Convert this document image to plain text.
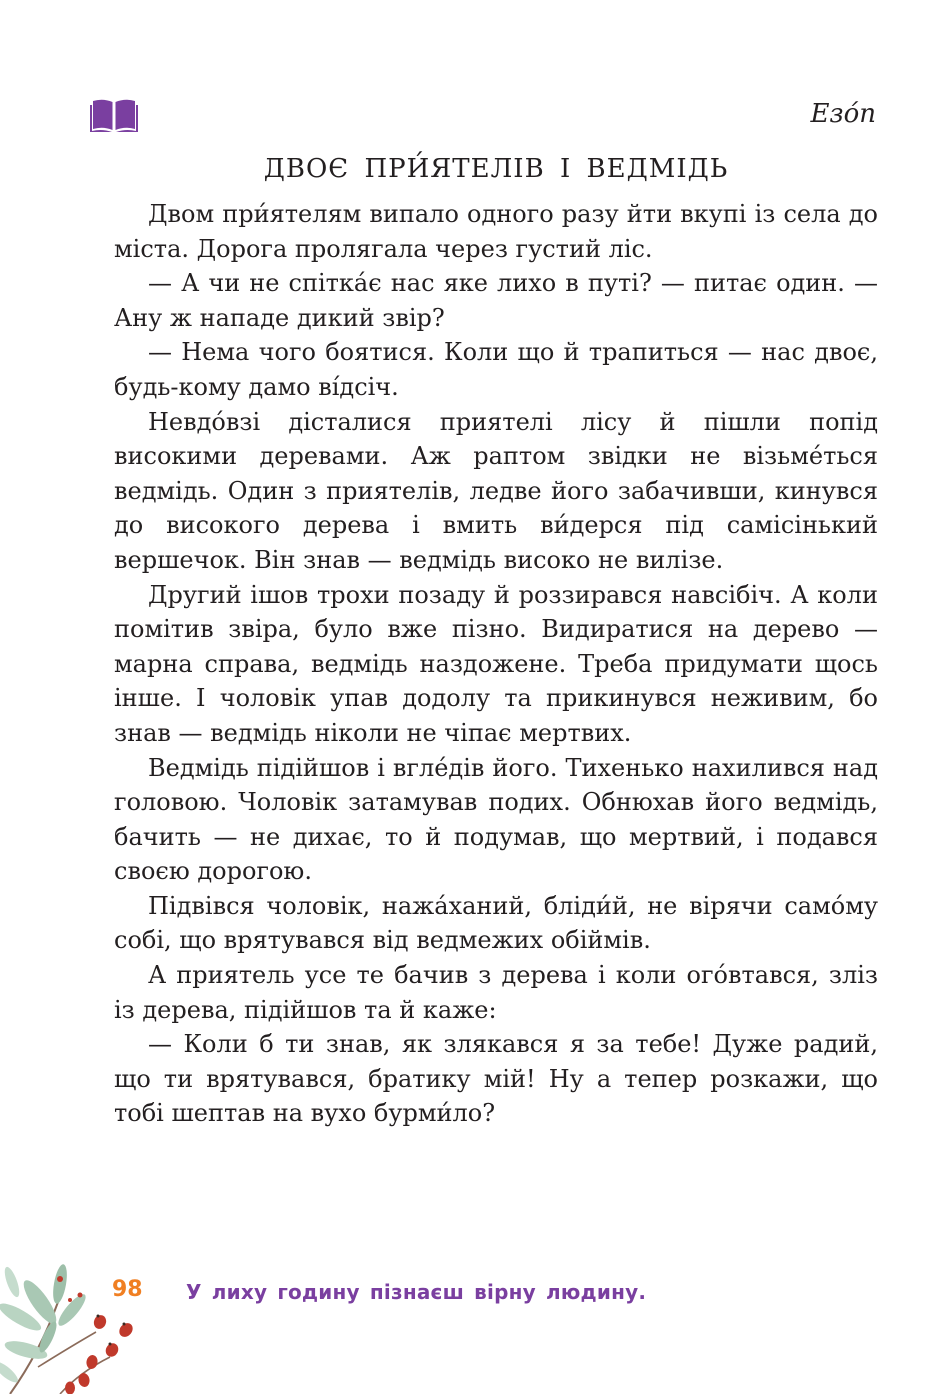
Езóп
ДВОЄ ПРИ́ЯТЕЛІВ І ВЕДМІДЬ

Двом при́ятелям випало одного разу йти вкупі із села до міста. Дорога пролягала через густий ліс.

— А чи не спітка́є нас яке лихо в путі? — питає один. — Ану ж нападе дикий звір?

— Нема чого боятися. Коли що й трапиться — нас двоє, будь-кому дамо ві́дсіч.

Невдо́взі дісталися приятелі лісу й пішли попід високими деревами. Аж раптом звідки не візьме́ться ведмідь. Один з приятелів, ледве його забачивши, кинувся до високого дерева і вмить ви́дерся під самісінький вершечок. Він знав — ведмідь високо не вилізе.

Другий ішов трохи позаду й роззирався навсібіч. А коли помітив звіра, було вже пізно. Видиратися на дерево — марна справа, ведмідь наздожене. Треба придумати щось інше. І чоловік упав додолу та прикинувся неживим, бо знав — ведмідь ніколи не чіпає мертвих.

Ведмідь підійшов і вгле́дів його. Тихенько нахилився над головою. Чоловік затамував подих. Обнюхав його ведмідь, бачить — не дихає, то й подумав, що мертвий, і подався своєю дорогою.

Підвівся чоловік, нажа́ханий, бліди́й, не вірячи само́му собі, що врятувався від ведмежих обіймів.

А приятель усе те бачив з дерева і коли ого́втався, зліз із дерева, підійшов та й каже:

— Коли б ти знав, як злякався я за тебе! Дуже радий, що ти врятувався, братику мій! Ну а тепер розкажи, що тобі шептав на вухо бурми́ло?

98 У лиху годину пізнаєш вірну людину.
